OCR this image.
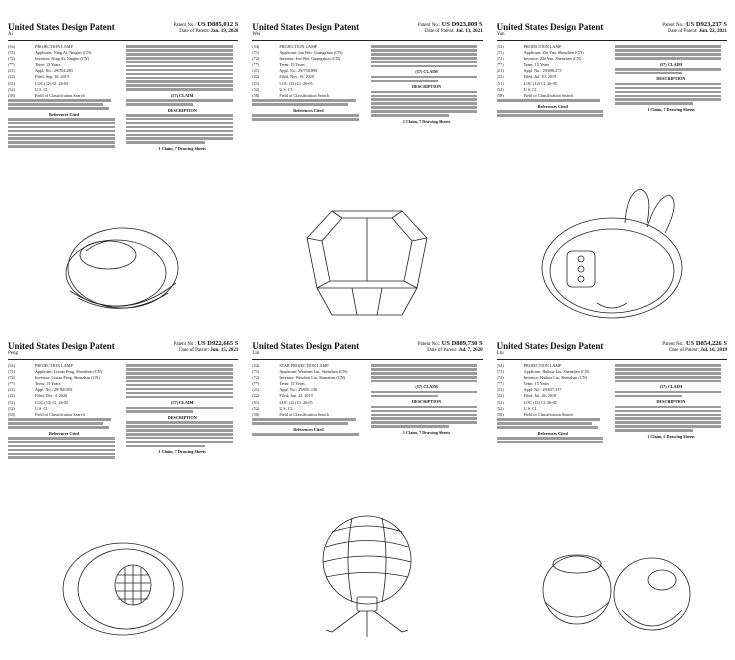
United States Design Patent
Ai
Patent No.: US D885,012 S
Date of Patent: Jan. 19, 2020
(54)	PROJECTION LAMP
(71)	Applicant: Ning Ai, Ningbo (CN)
(72)	Inventor: Ning Ai, Ningbo (CN)
(**)	Term: 15 Years
(21)	Appl. No.: 29/704,483
(22)	Filed: Sep. 10, 2019
(51)	LOC (12) Cl. 26-05
(52)	U.S. Cl.
(58)	Field of Classification Search
References Cited
(57) CLAIM
DESCRIPTION
1 Claim, 7 Drawing Sheets
United States Design Patent
Wei
Patent No.: US D923,809 S
Date of Patent: Jul. 13, 2021
(54)	PROJECTION LAMP
(71)	Applicant: Jun Wei, Guangzhou (CN)
(72)	Inventor: Jun Wei, Guangzhou (CN)
(**)	Term: 15 Years
(21)	Appl. No.: 29/758,899
(22)	Filed: Nov. 19, 2020
(51)	LOC (13) Cl. 26-05
(52)	U.S. Cl.
(58)	Field of Classification Search
References Cited
(57) CLAIM
DESCRIPTION
1 Claim, 7 Drawing Sheets
United States Design Patent
Yan
Patent No.: US D923,237 S
Date of Patent: Jun. 22, 2021
(54)	PROJECTION LAMP
(71)	Applicant: Zhi Yan, Shenzhen (CN)
(72)	Inventor: Zhi Yan, Shenzhen (CN)
(**)	Term: 15 Years
(21)	Appl. No.: 29/698,273
(22)	Filed: Jul. 10, 2019
(51)	LOC (12) Cl. 26-05
(52)	U.S. Cl.
(58)	Field of Classification Search
References Cited
(57) CLAIM
DESCRIPTION
1 Claim, 7 Drawing Sheets
United States Design Patent
Peng
Patent No.: US D922,665 S
Date of Patent: Jun. 15, 2021
(54)	PROJECTION LAMP
(71)	Applicant: Lixian Peng, Shenzhen (CN)
(72)	Inventor: Lixian Peng, Shenzhen (CN)
(**)	Term: 15 Years
(21)	Appl. No.: 29/760,891
(22)	Filed: Dec. 4, 2020
(51)	LOC (13) Cl. 26-05
(52)	U.S. Cl.
(58)	Field of Classification Search
References Cited
(57) CLAIM
DESCRIPTION
1 Claim, 7 Drawing Sheets
United States Design Patent
Lin
Patent No.: US D889,730 S
Date of Patent: Jul. 7, 2020
(54)	STAR PROJECTION LAMP
(71)	Applicant: Weizhen Lin, Shenzhen (CN)
(72)	Inventor: Weizhen Lin, Shenzhen (CN)
(**)	Term: 15 Years
(21)	Appl. No.: 29/691,150
(22)	Filed: Jun. 25, 2019
(51)	LOC (12) Cl. 26-05
(52)	U.S. Cl.
(58)	Field of Classification Search
References Cited
(57) CLAIM
DESCRIPTION
1 Claim, 7 Drawing Sheets
United States Design Patent
Liu
Patent No.: US D854,226 S
Date of Patent: Jul. 16, 2019
(54)	PROJECTION LAMP
(71)	Applicant: Haihua Liu, Shenzhen (CN)
(72)	Inventor: Haihua Liu, Shenzhen (CN)
(**)	Term: 15 Years
(21)	Appl. No.: 29/657,337
(22)	Filed: Jul. 26, 2018
(51)	LOC (11) Cl. 26-05
(52)	U.S. Cl.
(58)	Field of Classification Search
References Cited
(57) CLAIM
DESCRIPTION
1 Claim, 5 Drawing Sheets
